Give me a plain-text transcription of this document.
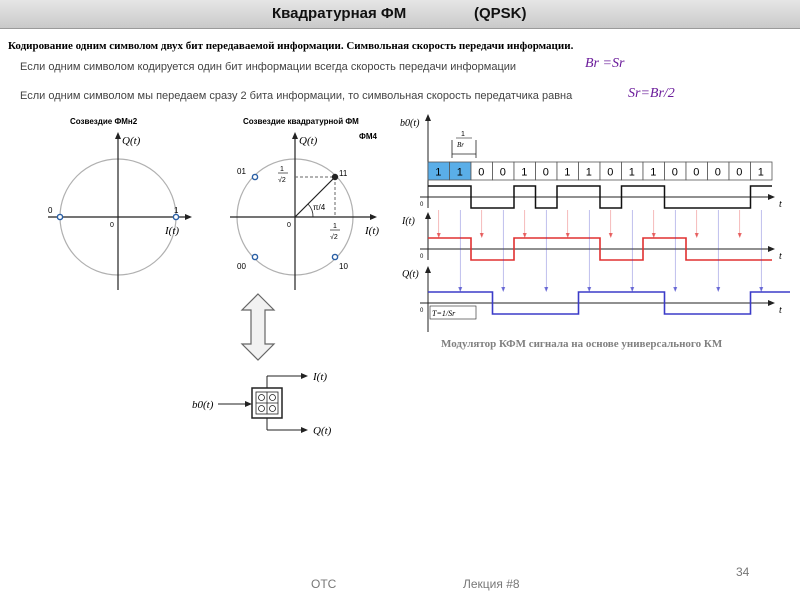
Квадратурная ФМ	(QPSK)
Кодирование одним символом двух бит передаваемой информации. Символьная скорость передачи информации.
Если одним символом кодируется один бит информации всегда скорость передачи информации	Br =Sr
Если одним символом мы передаем сразу 2 бита информации, то символьная скорость передатчика равна	Sr=Br/2
Созвездие ФМн2
Q(t)
I(t)
0
0	1
Созвездие квадратурной ФМ
ФМ4
π/4
Q(t)
I(t)
0
1
√2
1
√2
01	11
00	10
b0(t)
I(t)
Q(t)
b0(t)
I(t)
Q(t)
t
t
t
0
0
0
1
Br
T=1/Sr
1 1 0 0 1 0 1 1 0 1 1 0 0 0 0 1
Модулятор КФМ сигнала на основе универсального КМ
ОТС	Лекция #8
34
